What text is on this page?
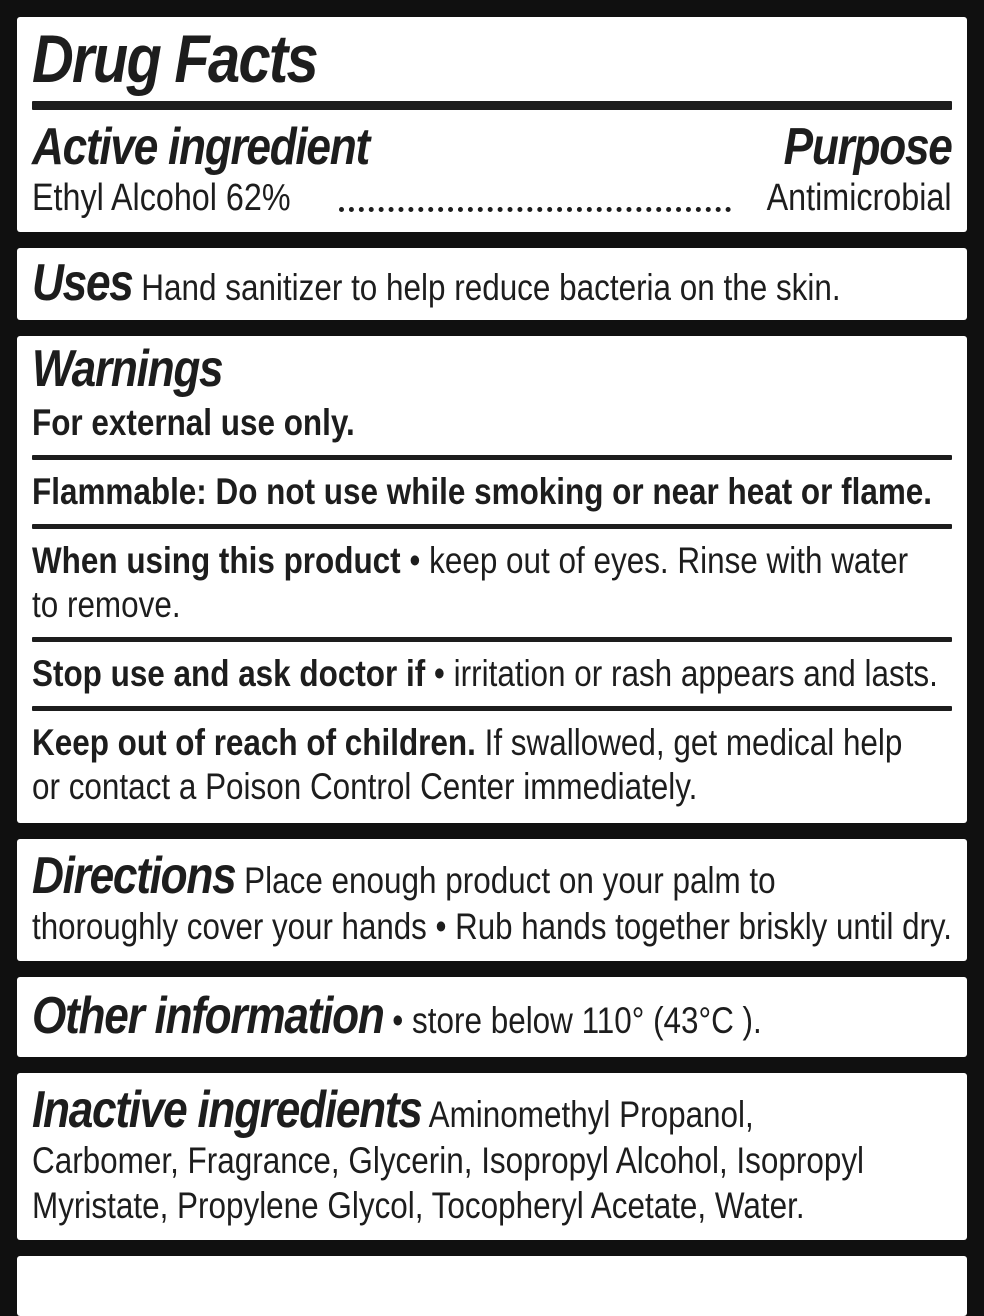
Drug Facts
Active ingredient	Purpose
Ethyl Alcohol 62%	Antimicrobial

Uses Hand sanitizer to help reduce bacteria on the skin.

Warnings

For external use only.

Flammable: Do not use while smoking or near heat or flame.

When using this product • keep out of eyes. Rinse with water

to remove.

Stop use and ask doctor if • irritation or rash appears and lasts.

Keep out of reach of children. If swallowed, get medical help

or contact a Poison Control Center immediately.

Directions Place enough product on your palm to

thoroughly cover your hands • Rub hands together briskly until dry.

Other information • store below 110° (43°C ).

Inactive ingredients Aminomethyl Propanol,

Carbomer, Fragrance, Glycerin, Isopropyl Alcohol, Isopropyl

Myristate, Propylene Glycol, Tocopheryl Acetate, Water.
